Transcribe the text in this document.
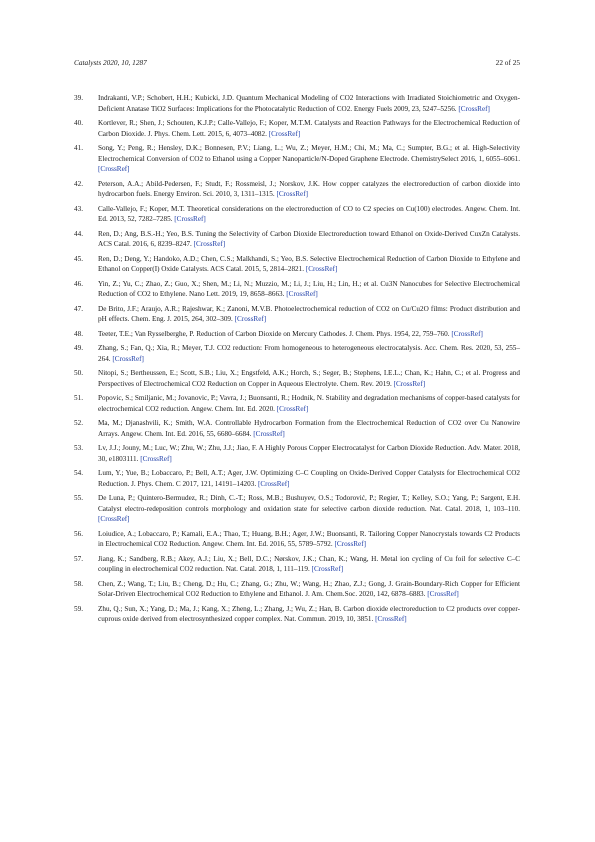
Catalysts 2020, 10, 1287	22 of 25
39. Indrakanti, V.P.; Schobert, H.H.; Kubicki, J.D. Quantum Mechanical Modeling of CO2 Interactions with Irradiated Stoichiometric and Oxygen-Deficient Anatase TiO2 Surfaces: Implications for the Photocatalytic Reduction of CO2. Energy Fuels 2009, 23, 5247–5256. [CrossRef]
40. Kortlever, R.; Shen, J.; Schouten, K.J.P.; Calle-Vallejo, F.; Koper, M.T.M. Catalysts and Reaction Pathways for the Electrochemical Reduction of Carbon Dioxide. J. Phys. Chem. Lett. 2015, 6, 4073–4082. [CrossRef]
41. Song, Y.; Peng, R.; Hensley, D.K.; Bonnesen, P.V.; Liang, L.; Wu, Z.; Meyer, H.M.; Chi, M.; Ma, C.; Sumpter, B.G.; et al. High-Selectivity Electrochemical Conversion of CO2 to Ethanol using a Copper Nanoparticle/N-Doped Graphene Electrode. ChemistrySelect 2016, 1, 6055–6061. [CrossRef]
42. Peterson, A.A.; Abild-Pedersen, F.; Studt, F.; Rossmeisl, J.; Norskov, J.K. How copper catalyzes the electroreduction of carbon dioxide into hydrocarbon fuels. Energy Environ. Sci. 2010, 3, 1311–1315. [CrossRef]
43. Calle-Vallejo, F.; Koper, M.T. Theoretical considerations on the electroreduction of CO to C2 species on Cu(100) electrodes. Angew. Chem. Int. Ed. 2013, 52, 7282–7285. [CrossRef]
44. Ren, D.; Ang, B.S.-H.; Yeo, B.S. Tuning the Selectivity of Carbon Dioxide Electroreduction toward Ethanol on Oxide-Derived CuxZn Catalysts. ACS Catal. 2016, 6, 8239–8247. [CrossRef]
45. Ren, D.; Deng, Y.; Handoko, A.D.; Chen, C.S.; Malkhandi, S.; Yeo, B.S. Selective Electrochemical Reduction of Carbon Dioxide to Ethylene and Ethanol on Copper(I) Oxide Catalysts. ACS Catal. 2015, 5, 2814–2821. [CrossRef]
46. Yin, Z.; Yu, C.; Zhao, Z.; Guo, X.; Shen, M.; Li, N.; Muzzio, M.; Li, J.; Liu, H.; Lin, H.; et al. Cu3N Nanocubes for Selective Electrochemical Reduction of CO2 to Ethylene. Nano Lett. 2019, 19, 8658–8663. [CrossRef]
47. De Brito, J.F.; Araujo, A.R.; Rajeshwar, K.; Zanoni, M.V.B. Photoelectrochemical reduction of CO2 on Cu/Cu2O films: Product distribution and pH effects. Chem. Eng. J. 2015, 264, 302–309. [CrossRef]
48. Teeter, T.E.; Van Rysselberghe, P. Reduction of Carbon Dioxide on Mercury Cathodes. J. Chem. Phys. 1954, 22, 759–760. [CrossRef]
49. Zhang, S.; Fan, Q.; Xia, R.; Meyer, T.J. CO2 reduction: From homogeneous to heterogeneous electrocatalysis. Acc. Chem. Res. 2020, 53, 255–264. [CrossRef]
50. Nitopi, S.; Bertheussen, E.; Scott, S.B.; Liu, X.; Engstfeld, A.K.; Horch, S.; Seger, B.; Stephens, I.E.L.; Chan, K.; Hahn, C.; et al. Progress and Perspectives of Electrochemical CO2 Reduction on Copper in Aqueous Electrolyte. Chem. Rev. 2019. [CrossRef]
51. Popovic, S.; Smiljanic, M.; Jovanovic, P.; Vavra, J.; Buonsanti, R.; Hodnik, N. Stability and degradation mechanisms of copper-based catalysts for electrochemical CO2 reduction. Angew. Chem. Int. Ed. 2020. [CrossRef]
52. Ma, M.; Djanashvili, K.; Smith, W.A. Controllable Hydrocarbon Formation from the Electrochemical Reduction of CO2 over Cu Nanowire Arrays. Angew. Chem. Int. Ed. 2016, 55, 6680–6684. [CrossRef]
53. Lv, J.J.; Jouny, M.; Luc, W.; Zhu, W.; Zhu, J.J.; Jiao, F. A Highly Porous Copper Electrocatalyst for Carbon Dioxide Reduction. Adv. Mater. 2018, 30, e1803111. [CrossRef]
54. Lum, Y.; Yue, B.; Lobaccaro, P.; Bell, A.T.; Ager, J.W. Optimizing C–C Coupling on Oxide-Derived Copper Catalysts for Electrochemical CO2 Reduction. J. Phys. Chem. C 2017, 121, 14191–14203. [CrossRef]
55. De Luna, P.; Quintero-Bermudez, R.; Dinh, C.-T.; Ross, M.B.; Bushuyev, O.S.; Todorović, P.; Regier, T.; Kelley, S.O.; Yang, P.; Sargent, E.H. Catalyst electro-redeposition controls morphology and oxidation state for selective carbon dioxide reduction. Nat. Catal. 2018, 1, 103–110. [CrossRef]
56. Loiudice, A.; Lobaccaro, P.; Kamali, E.A.; Thao, T.; Huang, B.H.; Ager, J.W.; Buonsanti, R. Tailoring Copper Nanocrystals towards C2 Products in Electrochemical CO2 Reduction. Angew. Chem. Int. Ed. 2016, 55, 5789–5792. [CrossRef]
57. Jiang, K.; Sandberg, R.B.; Akey, A.J.; Liu, X.; Bell, D.C.; Nørskov, J.K.; Chan, K.; Wang, H. Metal ion cycling of Cu foil for selective C–C coupling in electrochemical CO2 reduction. Nat. Catal. 2018, 1, 111–119. [CrossRef]
58. Chen, Z.; Wang, T.; Liu, B.; Cheng, D.; Hu, C.; Zhang, G.; Zhu, W.; Wang, H.; Zhao, Z.J.; Gong, J. Grain-Boundary-Rich Copper for Efficient Solar-Driven Electrochemical CO2 Reduction to Ethylene and Ethanol. J. Am. Chem.Soc. 2020, 142, 6878–6883. [CrossRef]
59. Zhu, Q.; Sun, X.; Yang, D.; Ma, J.; Kang, X.; Zheng, L.; Zhang, J.; Wu, Z.; Han, B. Carbon dioxide electroreduction to C2 products over copper-cuprous oxide derived from electrosynthesized copper complex. Nat. Commun. 2019, 10, 3851. [CrossRef]
